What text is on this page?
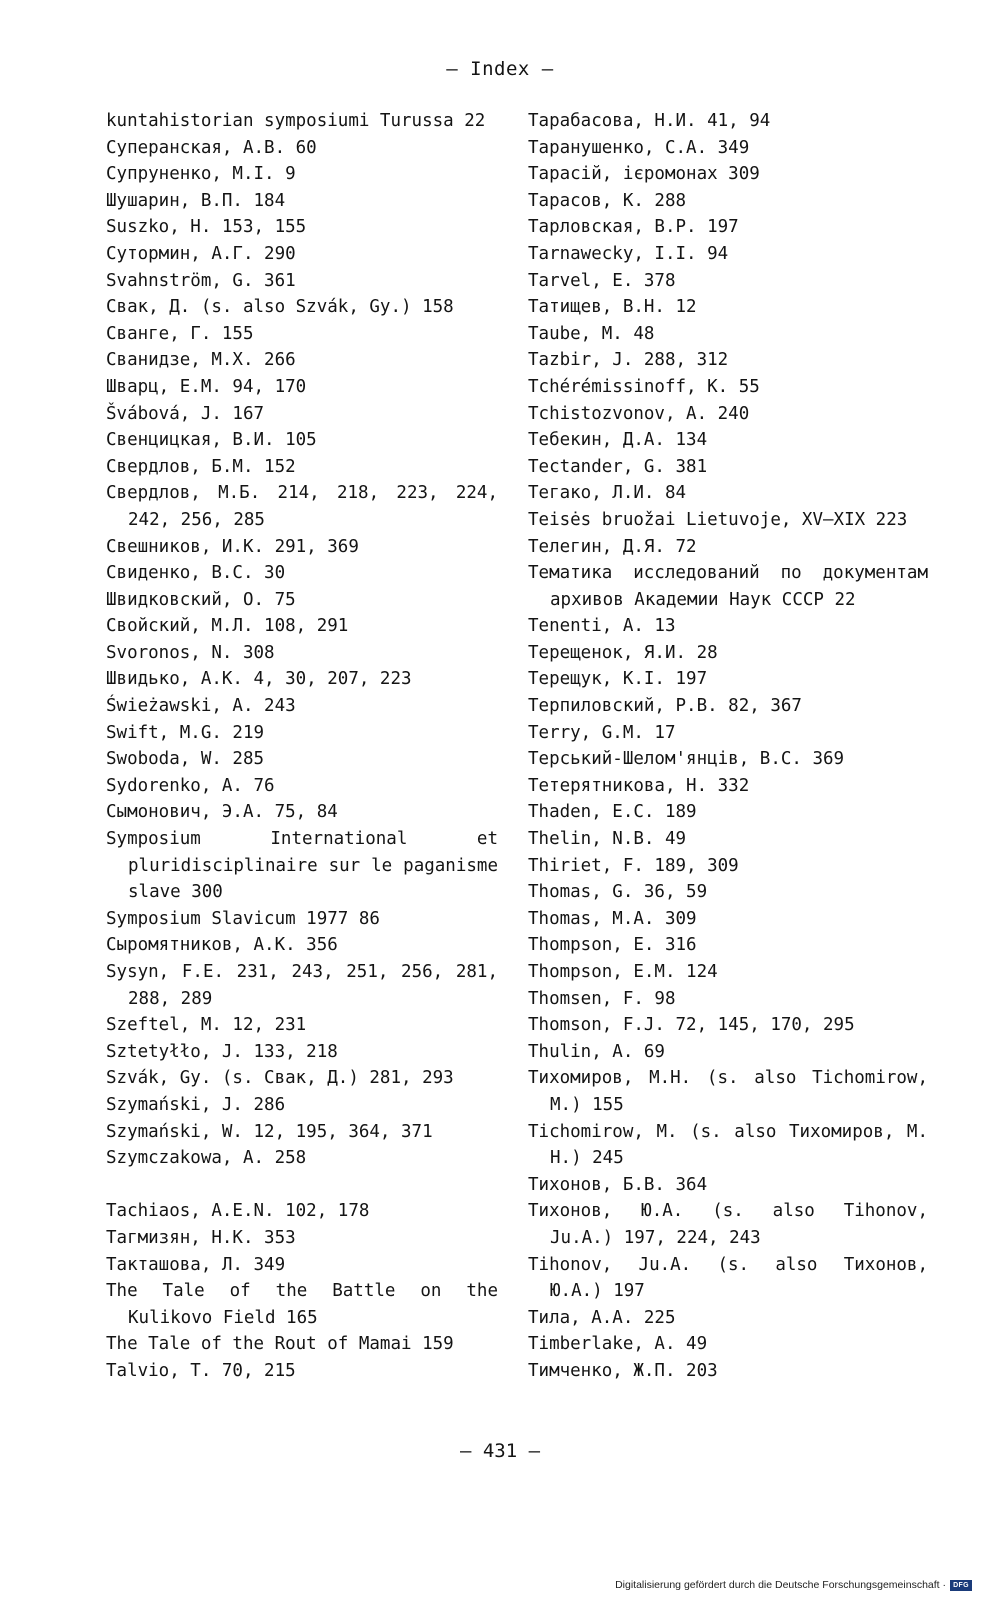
– Index –
kuntahistorian symposiumi Turussa 22
Суперанская, А.В. 60
Супруненко, М.I. 9
Шушарин, В.П. 184
Suszko, H. 153, 155
Сутормин, А.Г. 290
Svahnström, G. 361
Свак, Д. (s. also Szvák, Gy.) 158
Сванге, Г. 155
Сванидзе, М.Х. 266
Шварц, Е.М. 94, 170
Švábová, J. 167
Свенцицкая, В.И. 105
Свердлов, Б.М. 152
Свердлов, М.Б. 214, 218, 223, 224, 242, 256, 285
Свешников, И.К. 291, 369
Свиденко, В.С. 30
Швидковский, О. 75
Свойский, М.Л. 108, 291
Svoronos, N. 308
Швидько, А.К. 4, 30, 207, 223
Świeżawski, A. 243
Swift, M.G. 219
Swoboda, W. 285
Sydorenko, A. 76
Сымонович, Э.А. 75, 84
Symposium International et pluridisciplinaire sur le paganisme slave 300
Symposium Slavicum 1977 86
Сыромятников, А.К. 356
Sysyn, F.E. 231, 243, 251, 256, 281, 288, 289
Szeftel, M. 12, 231
Sztetyłło, J. 133, 218
Szvák, Gy. (s. Свак, Д.) 281, 293
Szymański, J. 286
Szymański, W. 12, 195, 364, 371
Szymczakowa, A. 258
Tachiaos, A.E.N. 102, 178
Тагмизян, Н.К. 353
Такташова, Л. 349
The Tale of the Battle on the Kulikovo Field 165
The Tale of the Rout of Mamai 159
Talvio, T. 70, 215
Тарабасова, Н.И. 41, 94
Таранушенко, С.А. 349
Тарасій, ієромонах 309
Тарасов, К. 288
Тарловская, В.Р. 197
Tarnawecky, I.I. 94
Tarvel, E. 378
Татищев, В.Н. 12
Taube, M. 48
Tazbir, J. 288, 312
Tchérémissinoff, K. 55
Tchistozvonov, A. 240
Тебекин, Д.А. 134
Tectander, G. 381
Тегако, Л.И. 84
Teisės bruožai Lietuvoje, XV–XIX 223
Телегин, Д.Я. 72
Тематика исследований по документам архивов Академии Наук СССР 22
Tenenti, A. 13
Терещенок, Я.И. 28
Терещук, К.I. 197
Терпиловский, Р.В. 82, 367
Terry, G.M. 17
Терський-Шелом'янців, В.С. 369
Тетерятникова, Н. 332
Thaden, E.C. 189
Thelin, N.B. 49
Thiriet, F. 189, 309
Thomas, G. 36, 59
Thomas, M.A. 309
Thompson, E. 316
Thompson, E.M. 124
Thomsen, F. 98
Thomson, F.J. 72, 145, 170, 295
Thulin, A. 69
Тихомиров, М.Н. (s. also Tichomirow, M.) 155
Tichomirow, M. (s. also Тихомиров, М. Н.) 245
Тихонов, Б.В. 364
Тихонов, Ю.А. (s. also Tihonov, Ju.A.) 197, 224, 243
Tihonov, Ju.A. (s. also Тихонов, Ю.А.) 197
Тила, А.А. 225
Timberlake, A. 49
Тимченко, Ж.П. 203
– 431 –
Digitalisierung gefördert durch die Deutsche Forschungsgemeinschaft ·	DFG
